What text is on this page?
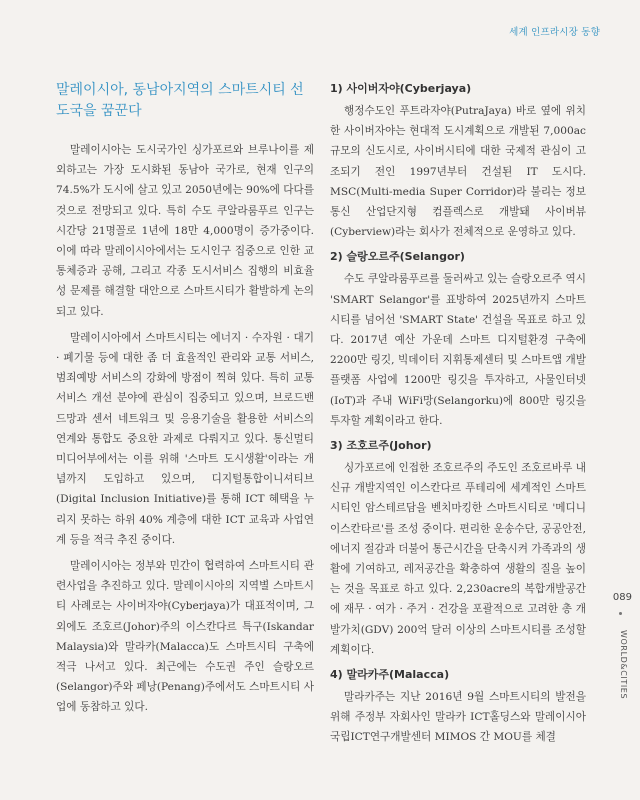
세계 인프라시장 동향
말레이시아, 동남아지역의 스마트시티 선도국을 꿈꾼다

말레이시아는 도시국가인 싱가포르와 브루나이를 제외하고는 가장 도시화된 동남아 국가로, 현재 인구의 74.5%가 도시에 살고 있고 2050년에는 90%에 다다를 것으로 전망되고 있다. 특히 수도 쿠알라룸푸르 인구는 시간당 21명꼴로 1년에 18만 4,000명이 증가중이다. 이에 따라 말레이시아에서는 도시인구 집중으로 인한 교통체증과 공해, 그리고 각종 도시서비스 집행의 비효율성 문제를 해결할 대안으로 스마트시티가 활발하게 논의되고 있다.

말레이시아에서 스마트시티는 에너지 · 수자원 · 대기 · 폐기물 등에 대한 좀 더 효율적인 관리와 교통 서비스, 범죄예방 서비스의 강화에 방점이 찍혀 있다. 특히 교통 서비스 개선 분야에 관심이 집중되고 있으며, 브로드밴드망과 센서 네트워크 및 응용기술을 활용한 서비스의 연계와 통합도 중요한 과제로 다뤄지고 있다. 통신멀티미디어부에서는 이를 위해 '스마트 도시생활'이라는 개념까지 도입하고 있으며, 디지털통합이니셔티브(Digital Inclusion Initiative)를 통해 ICT 혜택을 누리지 못하는 하위 40% 계층에 대한 ICT 교육과 사업연계 등을 적극 추진 중이다.

말레이시아는 정부와 민간이 협력하여 스마트시티 관련사업을 추진하고 있다. 말레이시아의 지역별 스마트시티 사례로는 사이버자야(Cyberjaya)가 대표적이며, 그 외에도 조호르(Johor)주의 이스칸다르 특구(Iskandar Malaysia)와 말라카(Malacca)도 스마트시티 구축에 적극 나서고 있다. 최근에는 수도권 주인 슬랑오르(Selangor)주와 페낭(Penang)주에서도 스마트시티 사업에 동참하고 있다.

1) 사이버자야(Cyberjaya)

행정수도인 푸트라자야(PutraJaya) 바로 옆에 위치한 사이버자야는 현대적 도시계획으로 개발된 7,000ac 규모의 신도시로, 사이버시티에 대한 국제적 관심이 고조되기 전인 1997년부터 건설된 IT 도시다. MSC(Multi-media Super Corridor)라 불리는 정보통신 산업단지형 컴플렉스로 개발돼 사이버뷰(Cyberview)라는 회사가 전체적으로 운영하고 있다.

2) 슬랑오르주(Selangor)

수도 쿠알라룸푸르를 둘러싸고 있는 슬랑오르주 역시 'SMART Selangor'를 표방하여 2025년까지 스마트시티를 넘어선 'SMART State' 건설을 목표로 하고 있다. 2017년 예산 가운데 스마트 디지털환경 구축에 2200만 링깃, 빅데이터 지휘통제센터 및 스마트앱 개발플랫폼 사업에 1200만 링깃을 투자하고, 사물인터넷(IoT)과 주내 WiFi망(Selangorku)에 800만 링깃을 투자할 계획이라고 한다.

3) 조호르주(Johor)

싱가포르에 인접한 조호르주의 주도인 조호르바루 내 신규 개발지역인 이스칸다르 푸테리에 세계적인 스마트시티인 암스테르담을 벤치마킹한 스마트시티로 '메디니 이스칸타르'를 조성 중이다. 편리한 운송수단, 공공안전, 에너지 절감과 더불어 통근시간을 단축시켜 가족과의 생활에 기여하고, 레저공간을 확충하여 생활의 질을 높이는 것을 목표로 하고 있다. 2,230acre의 복합개발공간에 재무 · 여가 · 주거 · 건강을 포괄적으로 고려한 총 개발가치(GDV) 200억 달러 이상의 스마트시티를 조성할 계획이다.

4) 말라카주(Malacca)

말라카주는 지난 2016년 9월 스마트시티의 발전을 위해 주정부 자회사인 말라카 ICT홀딩스와 말레이시아 국립ICT연구개발센터 MIMOS 간 MOU를 체결

089
WORLD&CITIES
